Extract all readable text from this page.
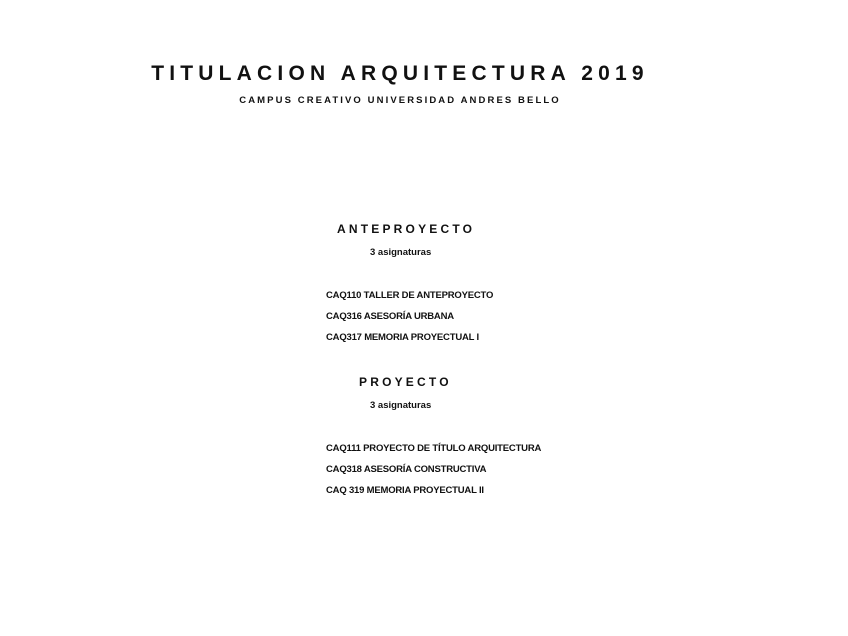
TITULACION ARQUITECTURA 2019
CAMPUS CREATIVO UNIVERSIDAD ANDRES BELLO
ANTEPROYECTO
3 asignaturas
CAQ110 TALLER DE ANTEPROYECTO
CAQ316 ASESORÍA URBANA
CAQ317 MEMORIA PROYECTUAL I
PROYECTO
3 asignaturas
CAQ111 PROYECTO DE TÍTULO ARQUITECTURA
CAQ318 ASESORÍA CONSTRUCTIVA
CAQ 319 MEMORIA PROYECTUAL II
